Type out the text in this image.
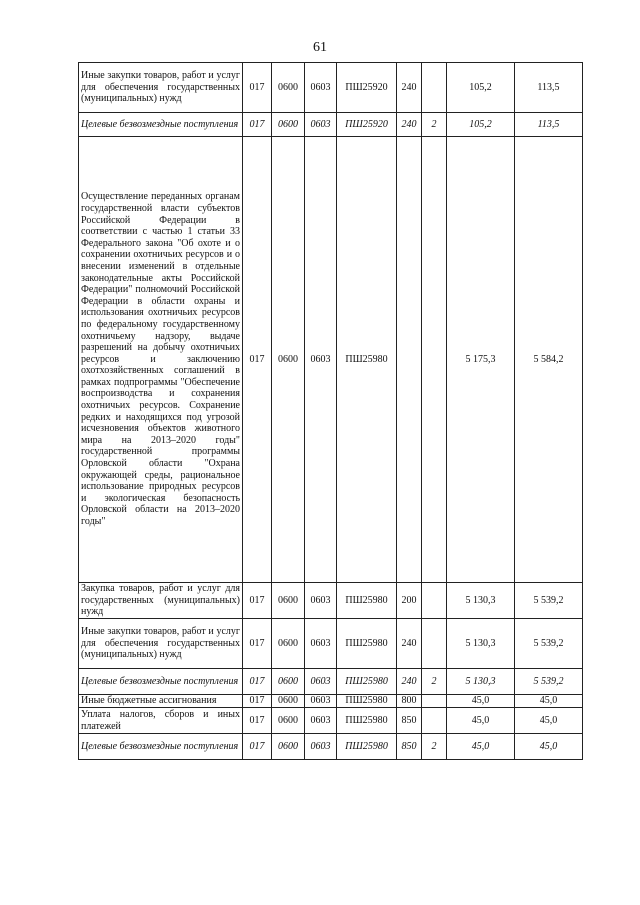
61
Иные закупки товаров, работ и услуг для обеспечения государственных (муниципальных) нужд	017	0600	0603	ПШ25920	240		105,2	113,5
Целевые безвозмездные поступления	017	0600	0603	ПШ25920	240	2	105,2	113,5
Осуществление переданных органам государственной власти субъектов Российской Федерации в соответствии с частью 1 статьи 33 Федерального закона "Об охоте и о сохранении охотничьих ресурсов и о внесении изменений в отдельные законодательные акты Российской Федерации" полномочий Российской Федерации в области охраны и использования охотничьих ресурсов по федеральному государственному охотничьему надзору, выдаче разрешений на добычу охотничьих ресурсов и заключению охотхозяйственных соглашений в рамках подпрограммы "Обеспечение воспроизводства и сохранения охотничьих ресурсов. Сохранение редких и находящихся под угрозой исчезновения объектов животного мира на 2013–2020 годы" государственной программы Орловской области "Охрана окружающей среды, рациональное использование природных ресурсов и экологическая безопасность Орловской области на 2013–2020 годы"	017	0600	0603	ПШ25980			5 175,3	5 584,2
Закупка товаров, работ и услуг для государственных (муниципальных) нужд	017	0600	0603	ПШ25980	200		5 130,3	5 539,2
Иные закупки товаров, работ и услуг для обеспечения государственных (муниципальных) нужд	017	0600	0603	ПШ25980	240		5 130,3	5 539,2
Целевые безвозмездные поступления	017	0600	0603	ПШ25980	240	2	5 130,3	5 539,2
Иные бюджетные ассигнования	017	0600	0603	ПШ25980	800		45,0	45,0
Уплата налогов, сборов и иных платежей	017	0600	0603	ПШ25980	850		45,0	45,0
Целевые безвозмездные поступления	017	0600	0603	ПШ25980	850	2	45,0	45,0
